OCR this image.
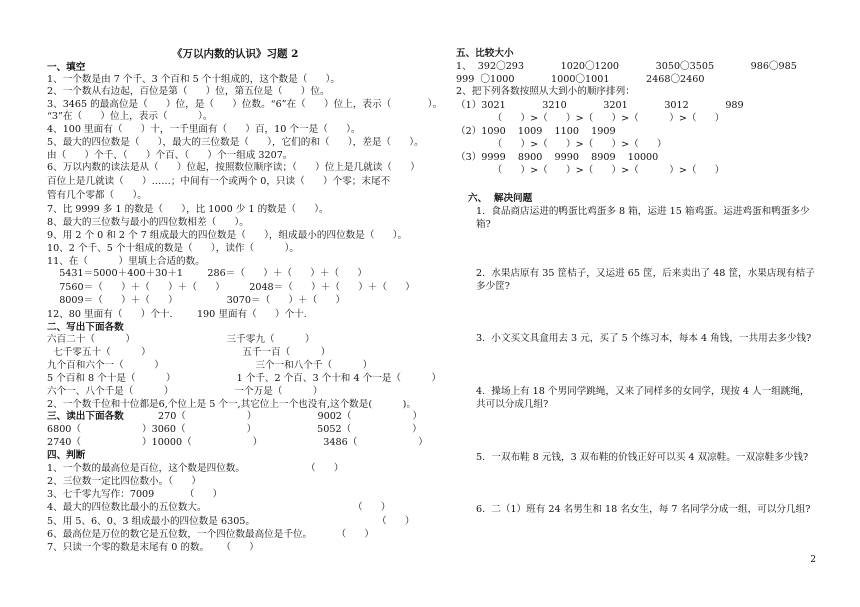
《万以内数的认识》习题 2
一、填空
1、一个数是由 7 个千、3 个百和 5 个十组成的，这个数是（      ）。
2、一个数从右边起，百位是第（      ）位，第五位是（      ）位。
3、3465 的最高位是（      ）位，是（      ）位数。“6”在（      ）位上，表示（            ）。
“3”在（      ）位上，表示（          ）。
4、100 里面有（      ）十，一千里面有（      ）百，10 个一是（      ）。
5、最大的四位数是（      ），最大的三位数是（      ），它们的和（      ），差是（      ）。
由（      ）个千、（      ）个百、（      ）个一组成 3207。
6、万以内数的读法是从（      ）位起，按照数位顺序读；（      ）位上是几就读（      ）
百位上是几就读（      ）……；中间有一个或两个 0，只读（      ）个零；末尾不
管有几个零都（      ）。
7、比 9999 多 1 的数是（      ），比 1000 少 1 的数是（      ）。
8、最大的三位数与最小的四位数相差（      ）。
9、用 2 个 0 和 2 个 7 组成最大的四位数是（      ），组成最小的四位数是（      ）。
10、2 个千、5 个十组成的数是（      ），读作（          ）。
11、在（          ）里填上合适的数。
5431＝5000＋400＋30＋1        286＝（      ）＋（      ）＋（      ）
7560＝（      ）＋（      ）＋（      ）        2048＝（      ）＋（      ）＋（      ）
8009＝（      ）＋（      ）                3070＝（      ）＋（      ）
12、80 里面有（      ）个十.        190 里面有（      ）个十.
二、写出下面各数
六百二十（          ）                              三千零九（          ）
七千零五十（          ）                              五千一百（          ）
九个百和六个一（          ）                              三个一和八个千（          ）
5 个百和 8 个十是（          ）                    1 个千、2 个百、3 个十和 4 个一是（          ）
六个一、八个千是（          ）                    一个万是（          ）
2、一个数千位和十位都是6,个位上是 5 个一,其它位上一个也没有,这个数是(          )。
三、读出下面各数	270（                    ）                    9002（                    ）
6800（                    ）3060（                    ）                    5052（                    ）
2740（                    ）10000（                    ）                    3486（                    ）
四、判断
1、一个数的最高位是百位，这个数是四位数。                    （      ）
2、三位数一定比四位数小。（      ）
3、七千零九写作：7009          （      ）
4、最大的四位数比最小的五位数大。                                                （      ）
5、用 5、6、0、3 组成最小的四位数是 6305。                                        （      ）
6、最高位是万位的数它是五位数，一个四位数最高位是千位。        （      ）
7、只读一个零的数是末尾有 0 的数。    （      ）
五、比较大小
1、  392〇293            1020〇1200            3050〇3505            986〇985
999  〇1000            1000〇1001            2468〇2460
2、把下列各数按照从大到小的顺序排列：
（1）3021            3210            3201            3012            989
（      ）>（      ）>（      ）>（          ）>（      ）
（2）1090    1009    1100    1909
（      ）>（      ）>（      ）>（      ）
（3）9999    8900    9990    8909    10000
（      ）>（      ）>（      ）>（          ）>（      ）
六、  解决问题
1.  食品商店运进的鸭蛋比鸡蛋多 8 箱，运进 15 箱鸡蛋。运进鸡蛋和鸭蛋多少
箱?
2.  水果店原有 35 筐桔子，又运进 65 筐，后来卖出了 48 筐，水果店现有桔子
多少筐?
3.  小文买文具盒用去 3 元，买了 5 个练习本，每本 4 角钱，一共用去多少钱?
4.  操场上有 18 个男同学跳绳，又来了同样多的女同学，现按 4 人一组跳绳，
共可以分成几组?
5.  一双布鞋 8 元钱，3 双布鞋的价钱正好可以买 4 双凉鞋。一双凉鞋多少钱?
6.  二（1）班有 24 名男生和 18 名女生，每 7 名同学分成一组，可以分几组?
2
